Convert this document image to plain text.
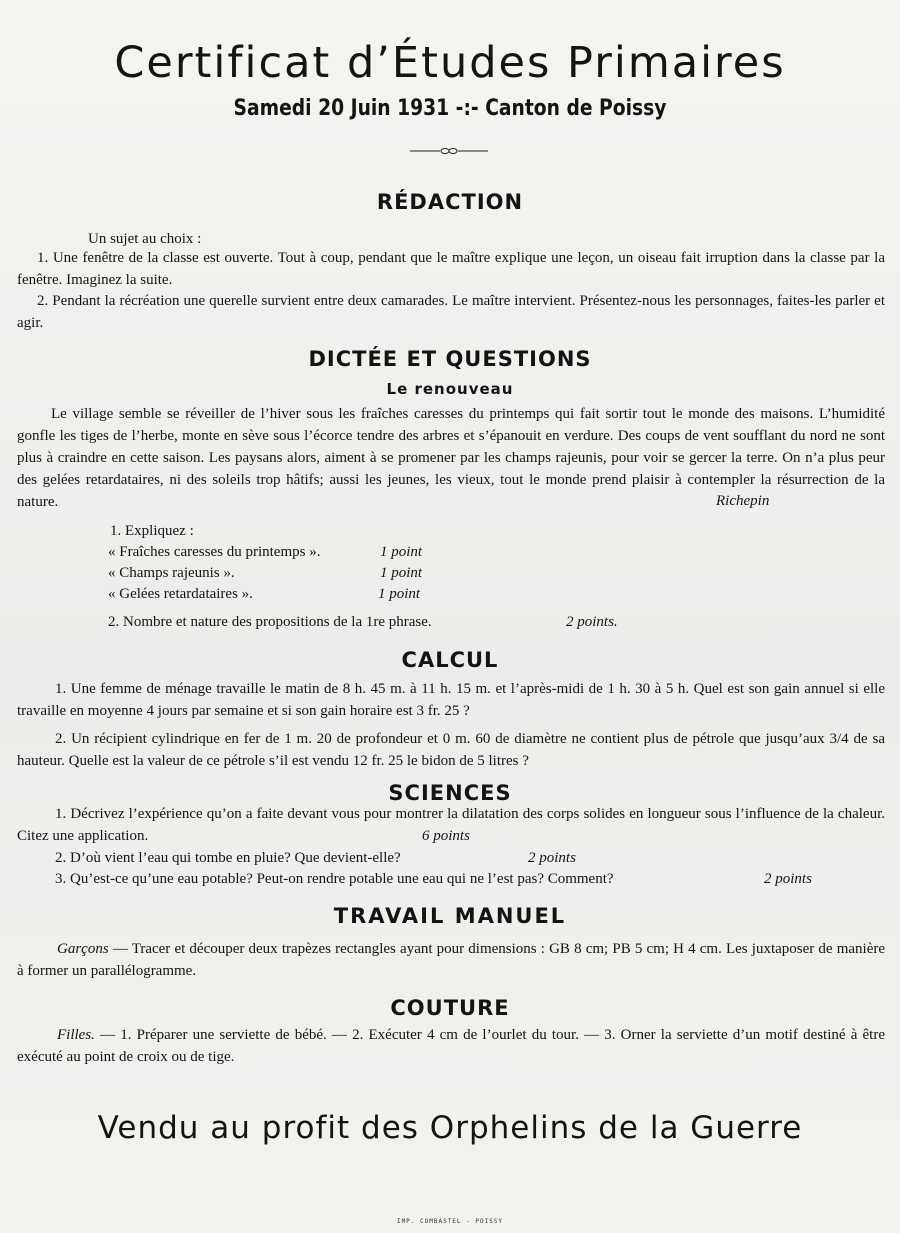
Certificat d’Études Primaires
Samedi 20 Juin 1931 -:- Canton de Poissy
RÉDACTION
Un sujet au choix :
1. Une fenêtre de la classe est ouverte. Tout à coup, pendant que le maître explique une leçon, un oiseau fait irruption dans la classe par la fenêtre. Imaginez la suite.
2. Pendant la récréation une querelle survient entre deux camarades. Le maître intervient. Présentez-nous les personnages, faites-les parler et agir.
DICTÉE ET QUESTIONS
Le renouveau
Le village semble se réveiller de l’hiver sous les fraîches caresses du printemps qui fait sortir tout le monde des maisons. L’humidité gonfle les tiges de l’herbe, monte en sève sous l’écorce tendre des arbres et s’épanouit en verdure. Des coups de vent soufflant du nord ne sont plus à craindre en cette saison. Les paysans alors, aiment à se promener par les champs rajeunis, pour voir se gercer la terre. On n’a plus peur des gelées retardataires, ni des soleils trop hâtifs; aussi les jeunes, les vieux, tout le monde prend plaisir à contempler la résurrection de la nature.	Richepin
1. Expliquez :
« Fraîches caresses du printemps ».	1 point
« Champs rajeunis ».	1 point
« Gelées retardataires ».	1 point
2. Nombre et nature des propositions de la 1re phrase.	2 points.
CALCUL
1. Une femme de ménage travaille le matin de 8 h. 45 m. à 11 h. 15 m. et l’après-midi de 1 h. 30 à 5 h. Quel est son gain annuel si elle travaille en moyenne 4 jours par semaine et si son gain horaire est 3 fr. 25 ?
2. Un récipient cylindrique en fer de 1 m. 20 de profondeur et 0 m. 60 de diamètre ne contient plus de pétrole que jusqu’aux 3/4 de sa hauteur. Quelle est la valeur de ce pétrole s’il est vendu 12 fr. 25 le bidon de 5 litres ?
SCIENCES
1. Décrivez l’expérience qu’on a faite devant vous pour montrer la dilatation des corps solides en longueur sous l’influence de la chaleur. Citez une application.	6 points
2. D’où vient l’eau qui tombe en pluie? Que devient-elle?	2 points
3. Qu’est-ce qu’une eau potable? Peut-on rendre potable une eau qui ne l’est pas? Comment?	2 points
TRAVAIL MANUEL
Garçons — Tracer et découper deux trapèzes rectangles ayant pour dimensions : GB 8 cm; PB 5 cm; H 4 cm. Les juxtaposer de manière à former un parallélogramme.
COUTURE
Filles. — 1. Préparer une serviette de bébé. — 2. Exécuter 4 cm de l’ourlet du tour. — 3. Orner la serviette d’un motif destiné à être exécuté au point de croix ou de tige.
Vendu au profit des Orphelins de la Guerre
IMP. COMBASTEL - POISSY
